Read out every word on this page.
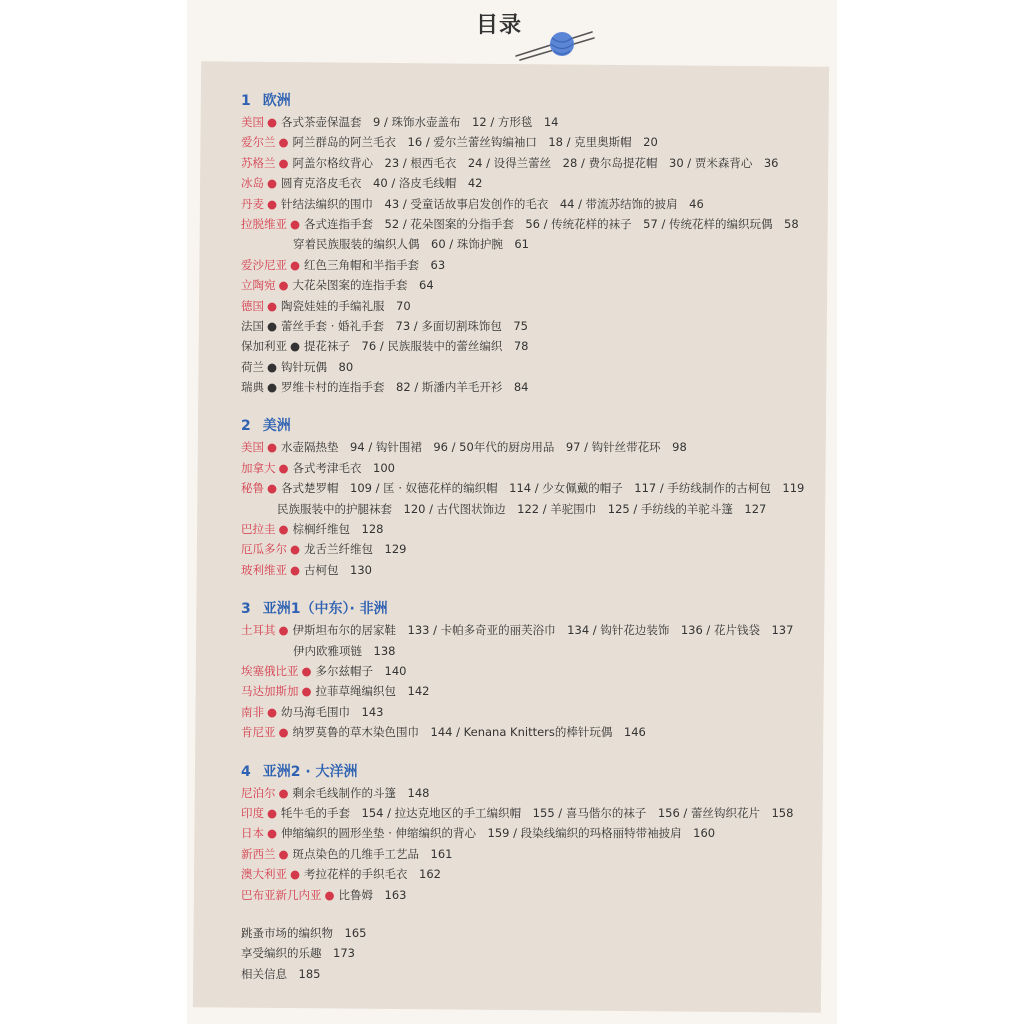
目录
1 欧洲
美国 ● 各式茶壶保温套　9 / 珠饰水壶盖布　12 / 方形毯　14
爱尔兰 ● 阿兰群岛的阿兰毛衣　16 / 爱尔兰蕾丝钩编袖口　18 / 克里奥斯帽　20
苏格兰 ● 阿盖尔格纹背心　23 / 根西毛衣　24 / 设得兰蕾丝　28 / 费尔岛提花帽　30 / 贾米森背心　36
冰岛 ● 圆育克洛皮毛衣　40 / 洛皮毛线帽　42
丹麦 ● 针结法编织的围巾　43 / 受童话故事启发创作的毛衣　44 / 带流苏结饰的披肩　46
拉脱维亚 ● 各式连指手套　52 / 花朵图案的分指手套　56 / 传统花样的袜子　57 / 传统花样的编织玩偶　58
穿着民族服装的编织人偶　60 / 珠饰护腕　61
爱沙尼亚 ● 红色三角帽和半指手套　63
立陶宛 ● 大花朵图案的连指手套　64
德国 ● 陶瓷娃娃的手编礼服　70
法国 ● 蕾丝手套 · 婚礼手套　73 / 多面切割珠饰包　75
保加利亚 ● 提花袜子　76 / 民族服装中的蕾丝编织　78
荷兰 ● 钩针玩偶　80
瑞典 ● 罗维卡村的连指手套　82 / 斯潘内羊毛开衫　84
2 美洲
美国 ● 水壶隔热垫　94 / 钩针围裙　96 / 50年代的厨房用品　97 / 钩针丝带花环　98
加拿大 ● 各式考津毛衣　100
秘鲁 ● 各式楚罗帽　109 / 匡 · 奴德花样的编织帽　114 / 少女佩戴的帽子　117 / 手纺线制作的古柯包　119
民族服装中的护腿袜套　120 / 古代图状饰边　122 / 羊驼围巾　125 / 手纺线的羊驼斗篷　127
巴拉圭 ● 棕榈纤维包　128
厄瓜多尔 ● 龙舌兰纤维包　129
玻利维亚 ● 古柯包　130
3 亚洲1（中东）· 非洲
土耳其 ● 伊斯坦布尔的居家鞋　133 / 卡帕多奇亚的丽芙浴巾　134 / 钩针花边装饰　136 / 花片钱袋　137
伊内欧雅项链　138
埃塞俄比亚 ● 多尔兹帽子　140
马达加斯加 ● 拉菲草绳编织包　142
南非 ● 幼马海毛围巾　143
肯尼亚 ● 纳罗莫鲁的草木染色围巾　144 / Kenana Knitters的棒针玩偶　146
4 亚洲2 · 大洋洲
尼泊尔 ● 剩余毛线制作的斗篷　148
印度 ● 牦牛毛的手套　154 / 拉达克地区的手工编织帽　155 / 喜马偕尔的袜子　156 / 蕾丝钩织花片　158
日本 ● 伸缩编织的圆形坐垫 · 伸缩编织的背心　159 / 段染线编织的玛格丽特带袖披肩　160
新西兰 ● 斑点染色的几维手工艺品　161
澳大利亚 ● 考拉花样的手织毛衣　162
巴布亚新几内亚 ● 比鲁姆　163
跳蚤市场的编织物　165
享受编织的乐趣　173
相关信息　185
